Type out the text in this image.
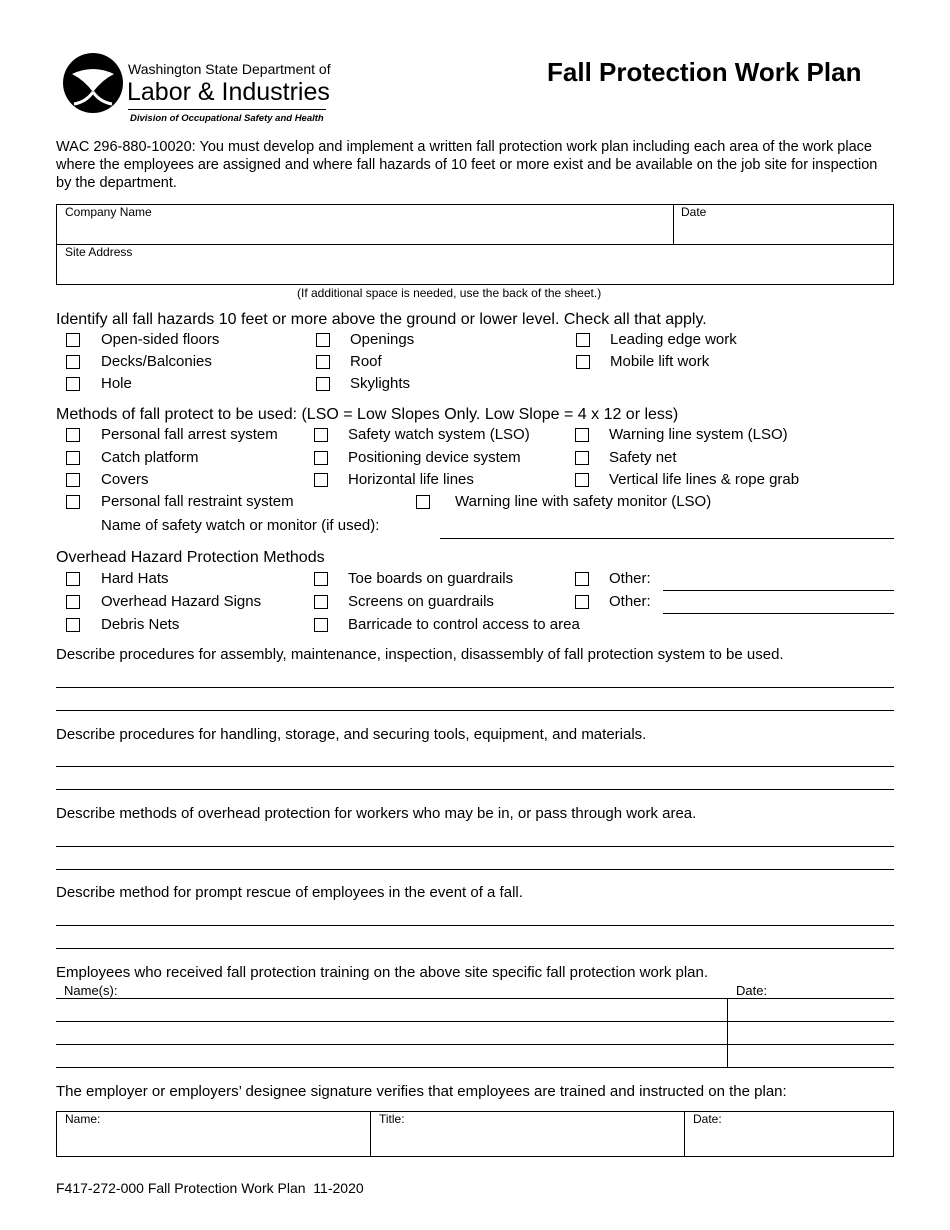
Washington State Department of
Labor & Industries
Division of Occupational Safety and Health
Fall Protection Work Plan
WAC 296-880-10020: You must develop and implement a written fall protection work plan including each area of the work place where the employees are assigned and where fall hazards of 10 feet or more exist and be available on the job site for inspection by the department.
Company Name	Date
Site Address
(If additional space is needed, use the back of the sheet.)
Identify all fall hazards 10 feet or more above the ground or lower level. Check all that apply.
Open-sided floors	Openings	Leading edge work
Decks/Balconies	Roof	Mobile lift work
Hole	Skylights
Methods of fall protect to be used: (LSO = Low Slopes Only. Low Slope = 4 x 12 or less)
Personal fall arrest system	Safety watch system (LSO)	Warning line system (LSO)
Catch platform	Positioning device system	Safety net
Covers	Horizontal life lines	Vertical life lines & rope grab
Personal fall restraint system	Warning line with safety monitor (LSO)
Name of safety watch or monitor (if used):
Overhead Hazard Protection Methods
Hard Hats	Toe boards on guardrails	Other:
Overhead Hazard Signs	Screens on guardrails	Other:
Debris Nets	Barricade to control access to area
Describe procedures for assembly, maintenance, inspection, disassembly of fall protection system to be used.
Describe procedures for handling, storage, and securing tools, equipment, and materials.
Describe methods of overhead protection for workers who may be in, or pass through work area.
Describe method for prompt rescue of employees in the event of a fall.
Employees who received fall protection training on the above site specific fall protection work plan.
Name(s):	Date:
The employer or employers’ designee signature verifies that employees are trained and instructed on the plan:
Name:	Title:	Date:
F417-272-000 Fall Protection Work Plan  11-2020
